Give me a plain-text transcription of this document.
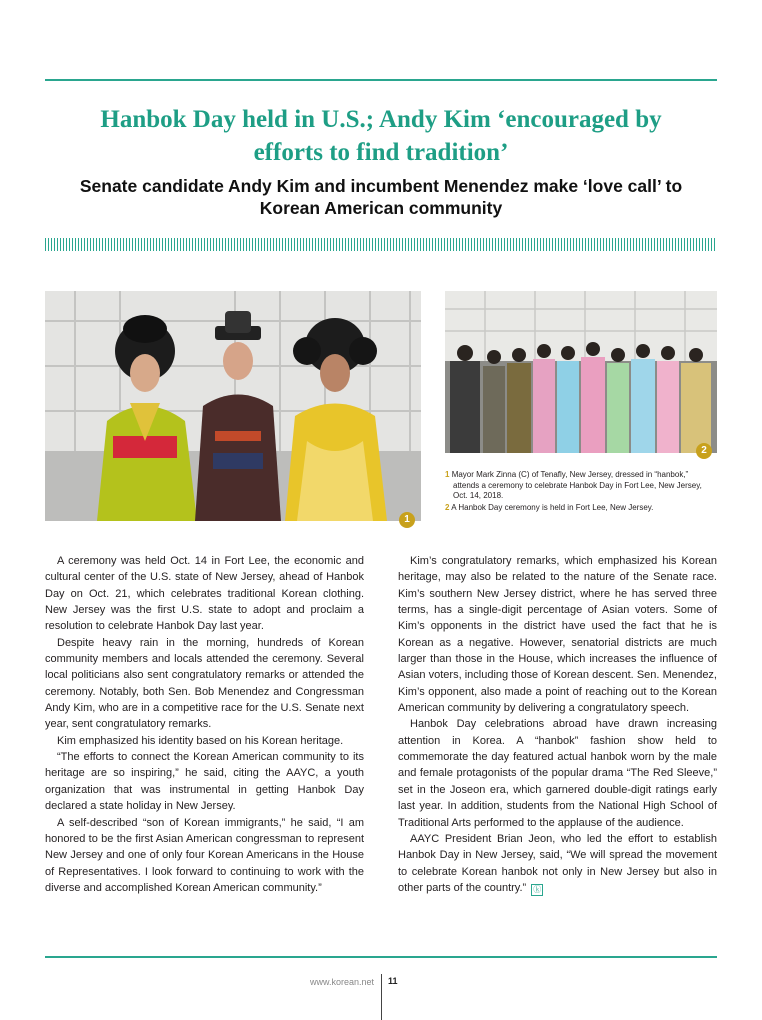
Hanbok Day held in U.S.; Andy Kim ‘encouraged by
efforts to find tradition’
Senate candidate Andy Kim and incumbent Menendez make ‘love call’ to
Korean American community
1
2
1 Mayor Mark Zinna (C) of Tenafly, New Jersey, dressed in “hanbok,”
attends a ceremony to celebrate Hanbok Day in Fort Lee, New Jersey,
Oct. 14, 2018.
2 A Hanbok Day ceremony is held in Fort Lee, New Jersey.

A ceremony was held Oct. 14 in Fort Lee, the economic and cultural center of the U.S. state of New Jersey, ahead of Hanbok Day on Oct. 21, which celebrates traditional Korean clothing. New Jersey was the first U.S. state to adopt and proclaim a resolution to celebrate Hanbok Day last year.

Despite heavy rain in the morning, hundreds of Korean community members and locals attended the ceremony. Several local politicians also sent congratulatory remarks or attended the ceremony. Notably, both Sen. Bob Menendez and Congressman Andy Kim, who are in a competitive race for the U.S. Senate next year, sent congratulatory remarks.

Kim emphasized his identity based on his Korean heritage.

“The efforts to connect the Korean American community to its heritage are so inspiring,” he said, citing the AAYC, a youth organization that was instrumental in getting Hanbok Day declared a state holiday in New Jersey.

A self-described “son of Korean immigrants,” he said, “I am honored to be the first Asian American congressman to represent New Jersey and one of only four Korean Americans in the House of Representatives. I look forward to continuing to work with the diverse and accomplished Korean American community.”

Kim’s congratulatory remarks, which emphasized his Korean heritage, may also be related to the nature of the Senate race. Kim’s southern New Jersey district, where he has served three terms, has a single-digit percentage of Asian voters. Some of Kim’s opponents in the district have used the fact that he is Korean as a negative. However, senatorial districts are much larger than those in the House, which increases the influence of Asian voters, including those of Korean descent. Sen. Menendez, Kim’s opponent, also made a point of reaching out to the Korean American community by delivering a congratulatory speech.

Hanbok Day celebrations abroad have drawn increasing attention in Korea. A “hanbok” fashion show held to commemorate the day featured actual hanbok worn by the male and female protagonists of the popular drama “The Red Sleeve,” set in the Joseon era, which garnered double-digit ratings early last year. In addition, students from the National High School of Traditional Arts performed to the applause of the audience.

AAYC President Brian Jeon, who led the effort to establish Hanbok Day in New Jersey, said, “We will spread the movement to celebrate Korean hanbok not only in New Jersey but also in other parts of the country.” ⓚ

www.korean.net 11
